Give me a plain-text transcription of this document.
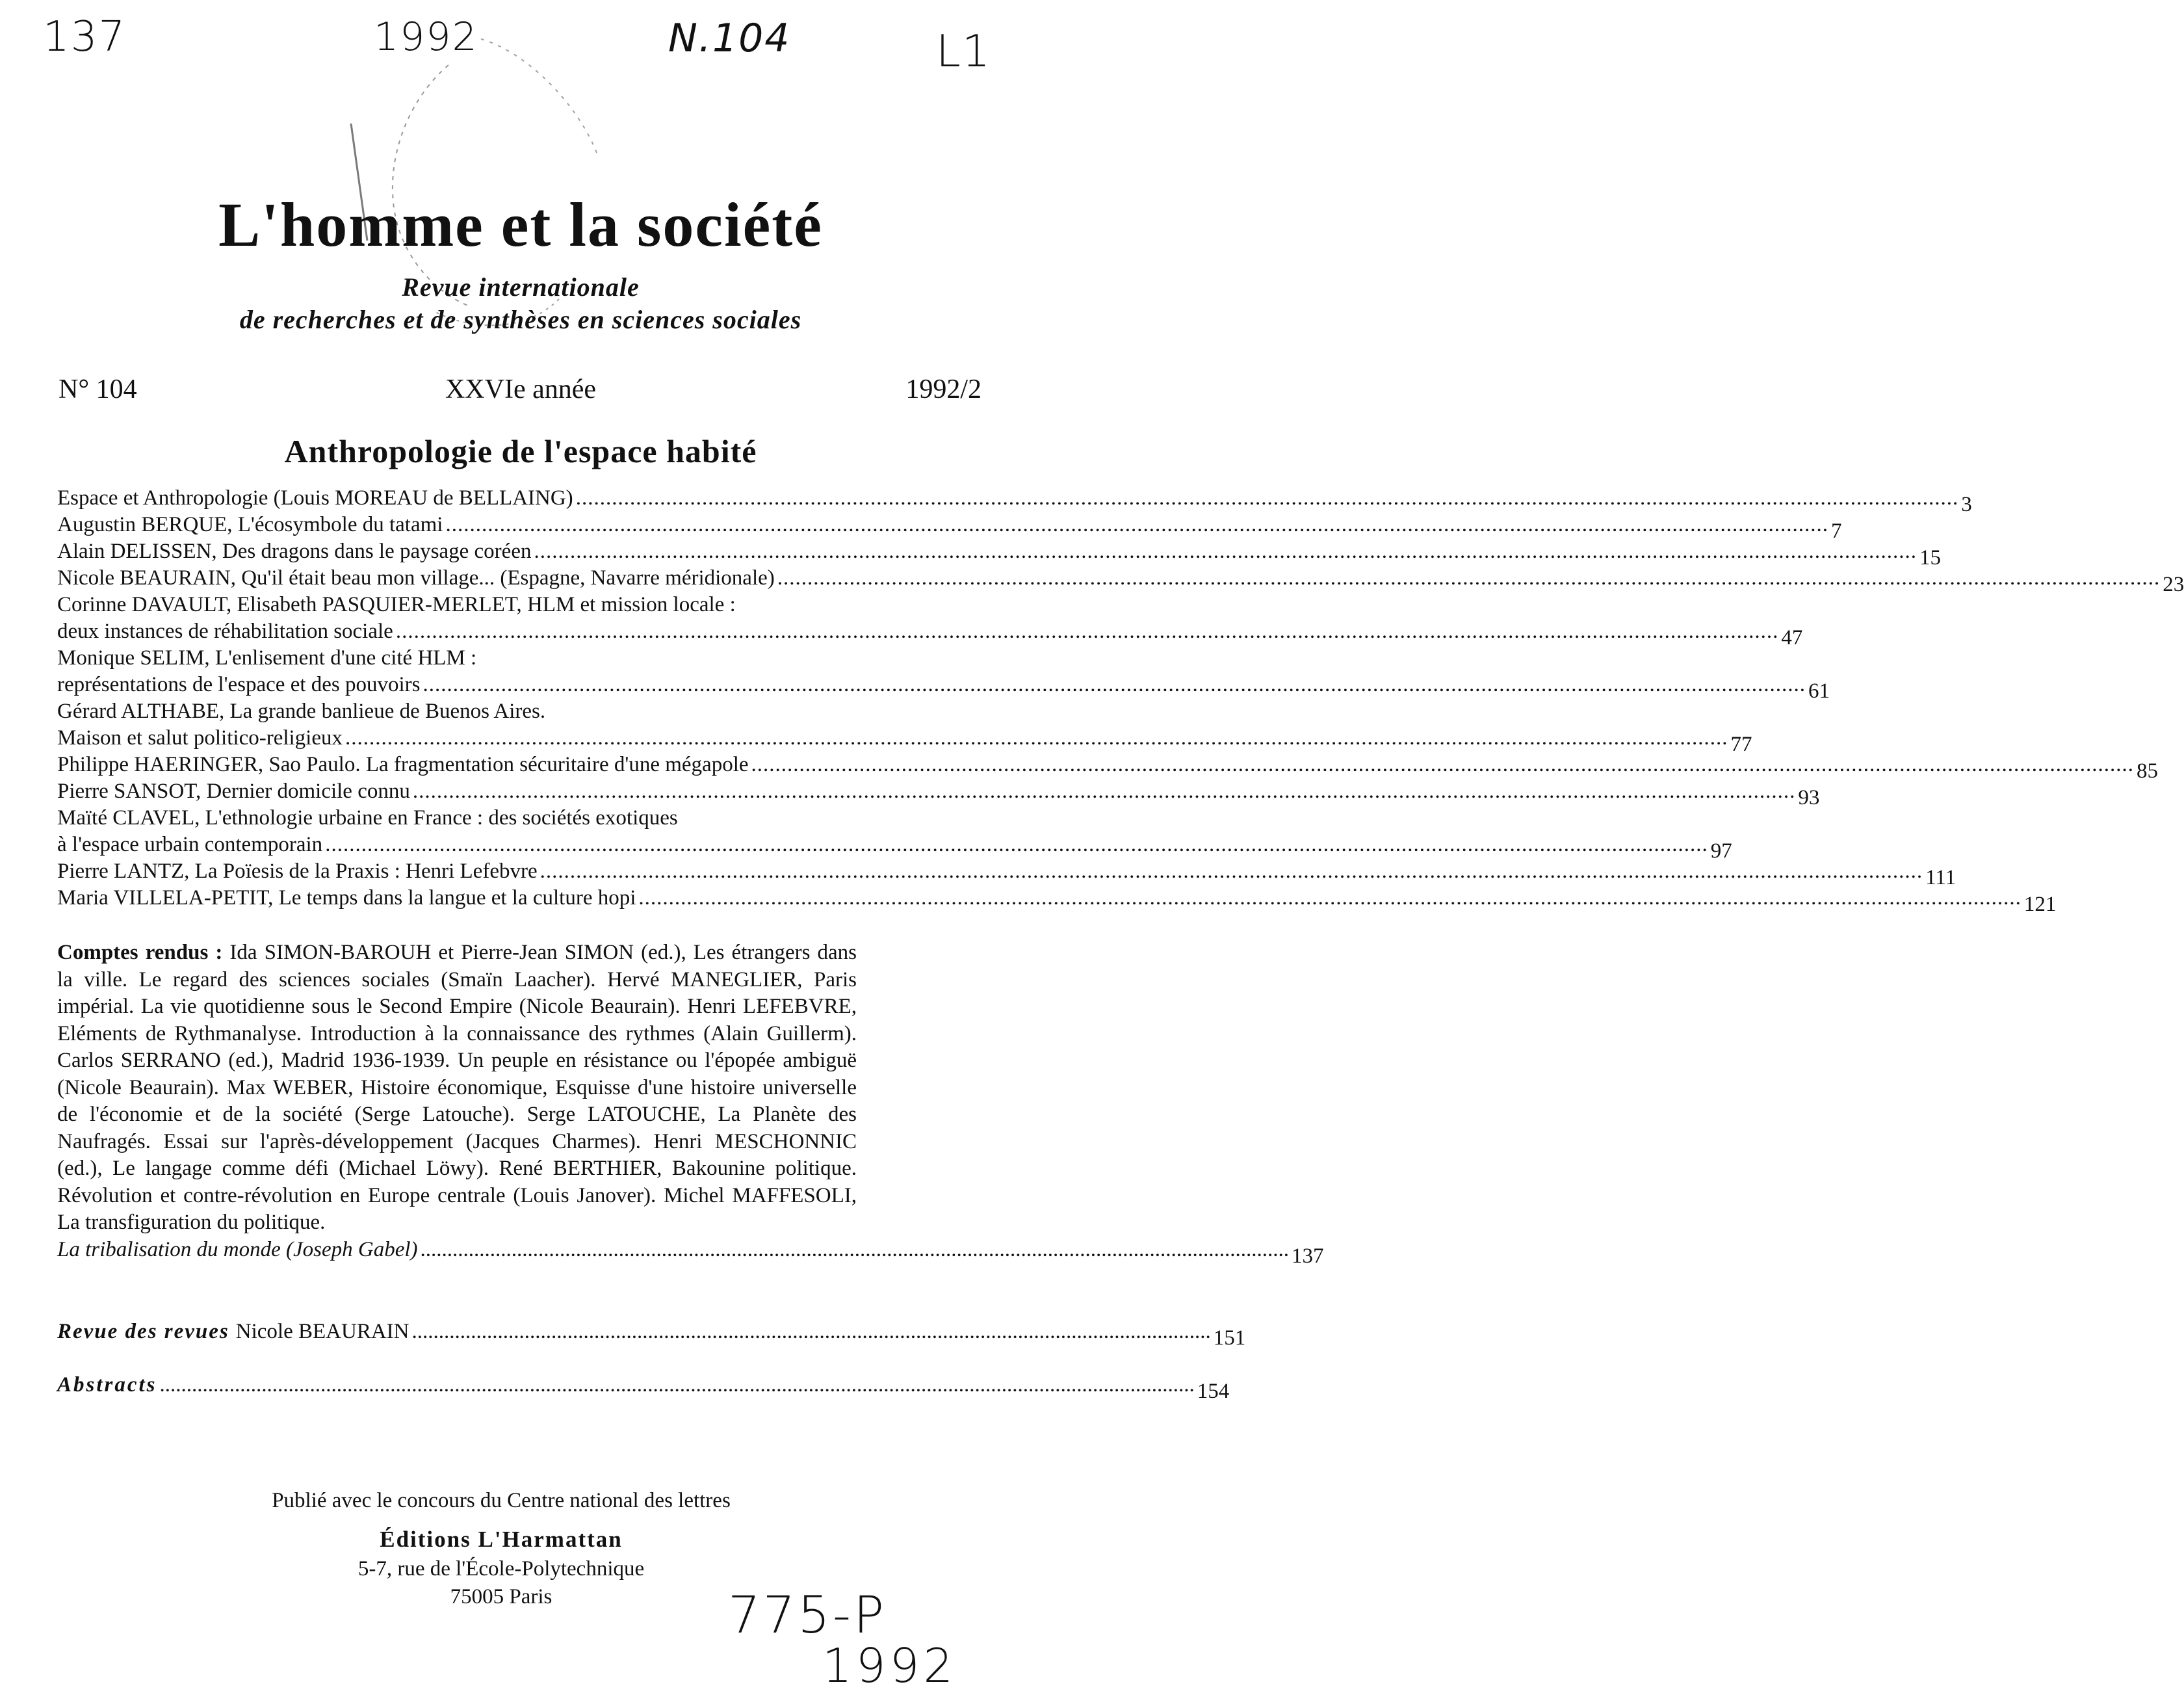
137	1992	N.104	L1
L'homme et la société
Revue internationale
de recherches et de synthèses en sciences sociales
N° 104	XXVIe année	1992/2
Anthropologie de l'espace habité
Espace et Anthropologie (Louis MOREAU de BELLAING) .....	3
Augustin BERQUE, L'écosymbole du tatami .....	7
Alain DELISSEN, Des dragons dans le paysage coréen .....	15
Nicole BEAURAIN, Qu'il était beau mon village... (Espagne, Navarre méridionale) .....	23
Corinne DAVAULT, Elisabeth PASQUIER-MERLET, HLM et mission locale :
deux instances de réhabilitation sociale .....	47
Monique SELIM, L'enlisement d'une cité HLM :
représentations de l'espace et des pouvoirs .....	61
Gérard ALTHABE, La grande banlieue de Buenos Aires.
Maison et salut politico-religieux .....	77
Philippe HAERINGER, Sao Paulo. La fragmentation sécuritaire d'une mégapole .....	85
Pierre SANSOT, Dernier domicile connu .....	93
Maïté CLAVEL, L'ethnologie urbaine en France : des sociétés exotiques
à l'espace urbain contemporain .....	97
Pierre LANTZ, La Poïesis de la Praxis : Henri Lefebvre .....	111
Maria VILLELA-PETIT, Le temps dans la langue et la culture hopi .....	121
Comptes rendus : Ida SIMON-BAROUH et Pierre-Jean SIMON (ed.), Les étrangers dans la ville. Le regard des sciences sociales (Smaïn Laacher). Hervé MANEGLIER, Paris impérial. La vie quotidienne sous le Second Empire (Nicole Beaurain). Henri LEFEBVRE, Eléments de Rythmanalyse. Introduction à la connaissance des rythmes (Alain Guillerm). Carlos SERRANO (ed.), Madrid 1936-1939. Un peuple en résistance ou l'épopée ambiguë (Nicole Beaurain). Max WEBER, Histoire économique, Esquisse d'une histoire universelle de l'économie et de la société (Serge Latouche). Serge LATOUCHE, La Planète des Naufragés. Essai sur l'après-développement (Jacques Charmes). Henri MESCHONNIC (ed.), Le langage comme défi (Michael Löwy). René BERTHIER, Bakounine politique. Révolution et contre-révolution en Europe centrale (Louis Janover). Michel MAFFESOLI, La transfiguration du politique.
La tribalisation du monde (Joseph Gabel) .................................................................................................................................................................. 137
Revue des revues Nicole BEAURAIN ..................................................................................................................................................... 151
Abstracts ................................................................................................................................................................................................. 154
Publié avec le concours du Centre national des lettres
Éditions L'Harmattan
5-7, rue de l'École-Polytechnique
75005 Paris	775-P
1992
